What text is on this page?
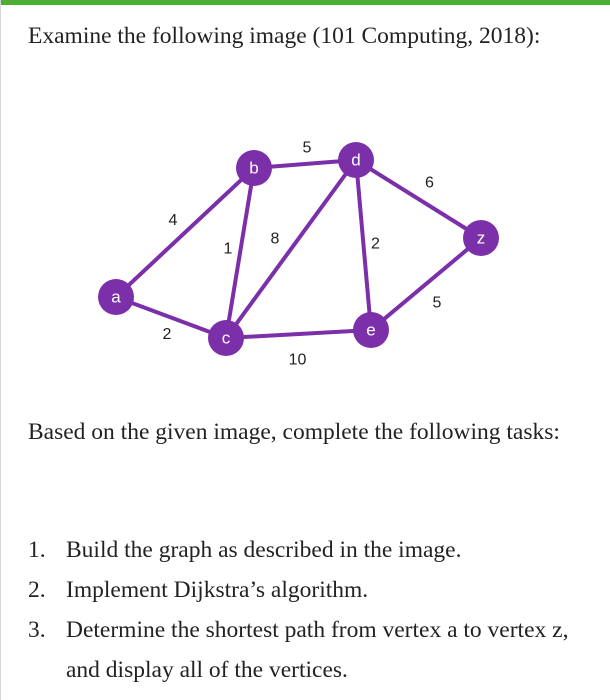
Examine the following image (101 Computing, 2018):

4
2
1
5
8
10
2
6
5
a
b
c
d
e
z

Based on the given image, complete the following tasks:

1. Build the graph as described in the image.
2. Implement Dijkstra’s algorithm.
3. Determine the shortest path from vertex a to vertex z, and display all of the vertices.
